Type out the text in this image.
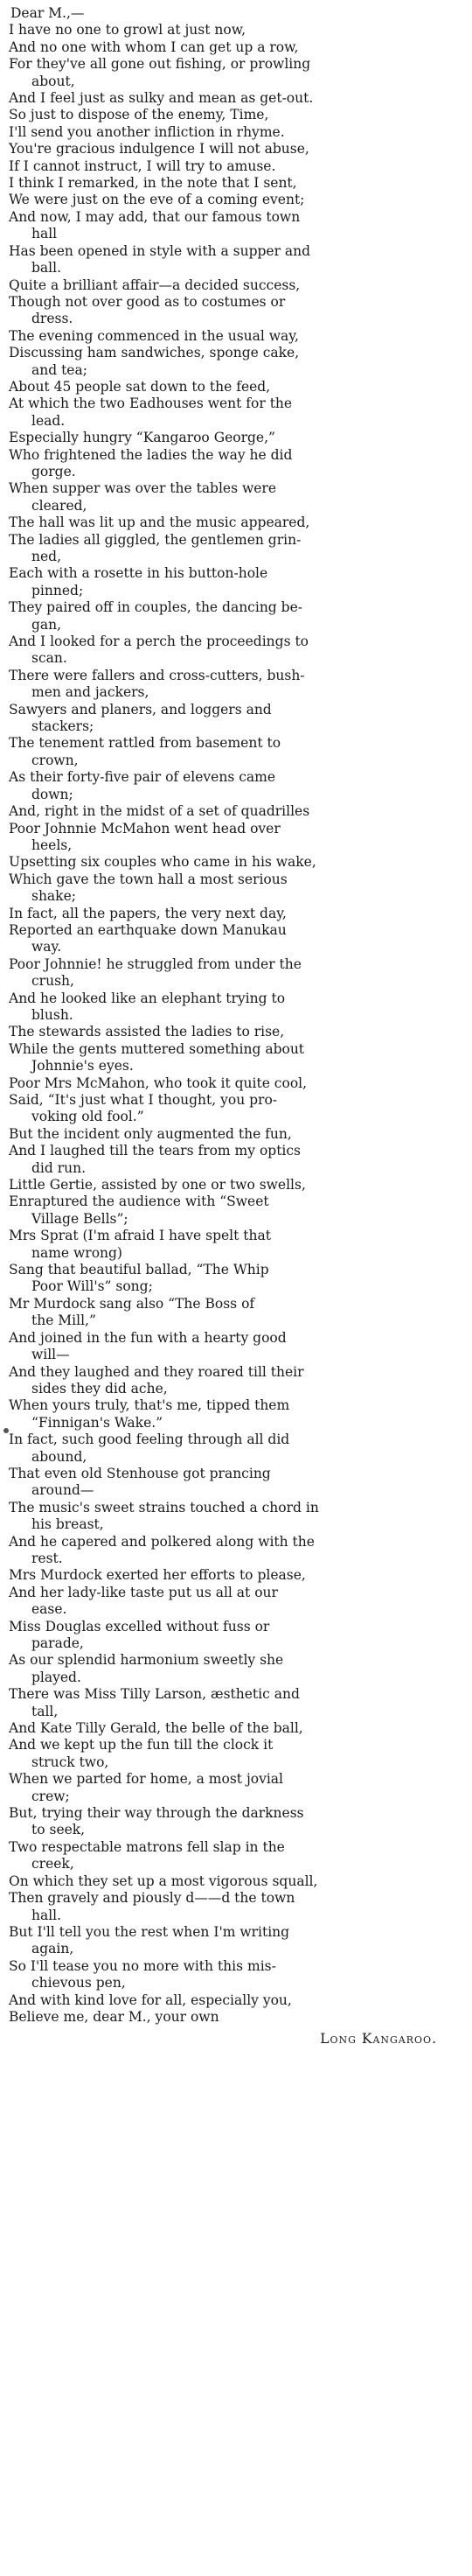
Dear M.,—

I have no one to growl at just now,
And no one with whom I can get up a row,
For they've all gone out fishing, or prowling
about,
And I feel just as sulky and mean as get-out.
So just to dispose of the enemy, Time,
I'll send you another infliction in rhyme.
You're gracious indulgence I will not abuse,
If I cannot instruct, I will try to amuse.
I think I remarked, in the note that I sent,
We were just on the eve of a coming event;
And now, I may add, that our famous town
hall
Has been opened in style with a supper and
ball.
Quite a brilliant affair—a decided success,
Though not over good as to costumes or
dress.
The evening commenced in the usual way,
Discussing ham sandwiches, sponge cake,
and tea;
About 45 people sat down to the feed,
At which the two Eadhouses went for the
lead.
Especially hungry “Kangaroo George,”
Who frightened the ladies the way he did
gorge.
When supper was over the tables were
cleared,
The hall was lit up and the music appeared,
The ladies all giggled, the gentlemen grin-
ned,
Each with a rosette in his button-hole
pinned;
They paired off in couples, the dancing be-
gan,
And I looked for a perch the proceedings to
scan.
There were fallers and cross-cutters, bush-
men and jackers,
Sawyers and planers, and loggers and
stackers;
The tenement rattled from basement to
crown,
As their forty-five pair of elevens came
down;
And, right in the midst of a set of quadrilles
Poor Johnnie McMahon went head over
heels,
Upsetting six couples who came in his wake,
Which gave the town hall a most serious
shake;
In fact, all the papers, the very next day,
Reported an earthquake down Manukau
way.
Poor Johnnie! he struggled from under the
crush,
And he looked like an elephant trying to
blush.
The stewards assisted the ladies to rise,
While the gents muttered something about
Johnnie's eyes.
Poor Mrs McMahon, who took it quite cool,
Said, “It's just what I thought, you pro-
voking old fool.”
But the incident only augmented the fun,
And I laughed till the tears from my optics
did run.
Little Gertie, assisted by one or two swells,
Enraptured the audience with “Sweet
Village Bells”;
Mrs Sprat (I'm afraid I have spelt that
name wrong)
Sang that beautiful ballad, “The Whip
Poor Will's” song;
Mr Murdock sang also “The Boss of
the Mill,”
And joined in the fun with a hearty good
will—
And they laughed and they roared till their
sides they did ache,
When yours truly, that's me, tipped them
“Finnigan's Wake.”
In fact, such good feeling through all did
abound,
That even old Stenhouse got prancing
around—
The music's sweet strains touched a chord in
his breast,
And he capered and polkered along with the
rest.
Mrs Murdock exerted her efforts to please,
And her lady-like taste put us all at our
ease.
Miss Douglas excelled without fuss or
parade,
As our splendid harmonium sweetly she
played.
There was Miss Tilly Larson, æsthetic and
tall,
And Kate Tilly Gerald, the belle of the ball,
And we kept up the fun till the clock it
struck two,
When we parted for home, a most jovial
crew;
But, trying their way through the darkness
to seek,
Two respectable matrons fell slap in the
creek,
On which they set up a most vigorous squall,
Then gravely and piously d——d the town
hall.
But I'll tell you the rest when I'm writing
again,
So I'll tease you no more with this mis-
chievous pen,
And with kind love for all, especially you,
Believe me, dear M., your own
Long Kangaroo.
